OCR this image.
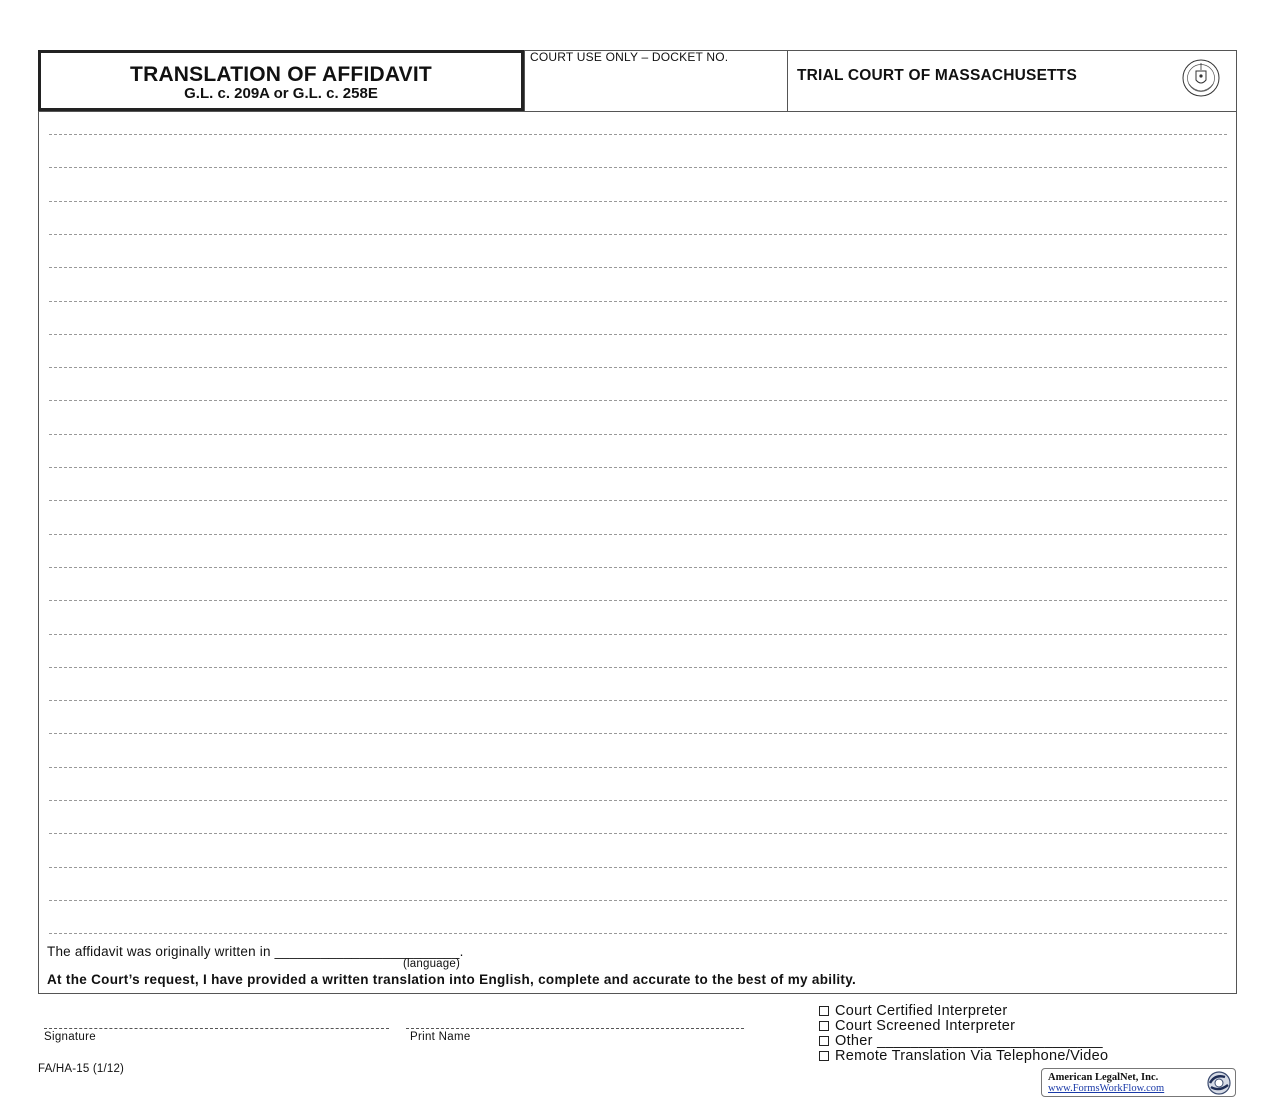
TRANSLATION OF AFFIDAVIT
G.L. c. 209A or G.L. c. 258E
COURT USE ONLY – DOCKET NO.
TRIAL COURT OF MASSACHUSETTS
The affidavit was originally written in ________________________.
(language)
At the Court’s request, I have provided a written translation into English, complete and accurate to the best of my ability.
Signature	Print Name
Court Certified Interpreter
Court Screened Interpreter
Other ___________________________
Remote Translation Via Telephone/Video
FA/HA-15 (1/12)
American LegalNet, Inc.
www.FormsWorkFlow.com
